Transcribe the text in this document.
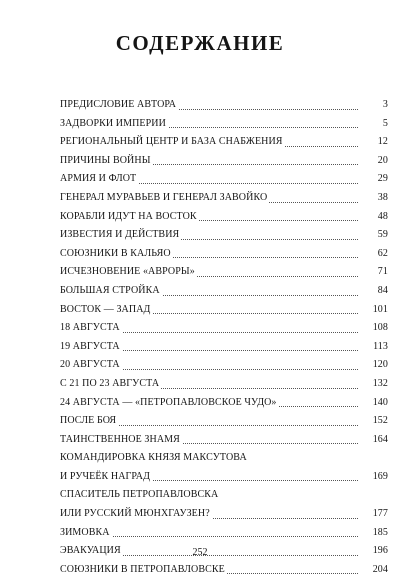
СОДЕРЖАНИЕ
ПРЕДИСЛОВИЕ АВТОРА	3
ЗАДВОРКИ ИМПЕРИИ	5
РЕГИОНАЛЬНЫЙ ЦЕНТР И БАЗА СНАБЖЕНИЯ	12
ПРИЧИНЫ ВОЙНЫ	20
АРМИЯ И ФЛОТ	29
ГЕНЕРАЛ МУРАВЬЕВ И ГЕНЕРАЛ ЗАВОЙКО	38
КОРАБЛИ ИДУТ НА ВОСТОК	48
ИЗВЕСТИЯ И ДЕЙСТВИЯ	59
СОЮЗНИКИ В КАЛЬЯО	62
ИСЧЕЗНОВЕНИЕ «АВРОРЫ»	71
БОЛЬШАЯ СТРОЙКА	84
ВОСТОК — ЗАПАД	101
18 АВГУСТА	108
19 АВГУСТА	113
20 АВГУСТА	120
С 21 ПО 23 АВГУСТА	132
24 АВГУСТА — «ПЕТРОПАВЛОВСКОЕ ЧУДО»	140
ПОСЛЕ БОЯ	152
ТАИНСТВЕННОЕ ЗНАМЯ	164
КОМАНДИРОВКА КНЯЗЯ МАКСУТОВА
И РУЧЕЁК НАГРАД	169
СПАСИТЕЛЬ ПЕТРОПАВЛОВСКА
ИЛИ РУССКИЙ МЮНХГАУЗЕН?	177
ЗИМОВКА	185
ЭВАКУАЦИЯ	196
СОЮЗНИКИ В ПЕТРОПАВЛОВСКЕ	204
252
